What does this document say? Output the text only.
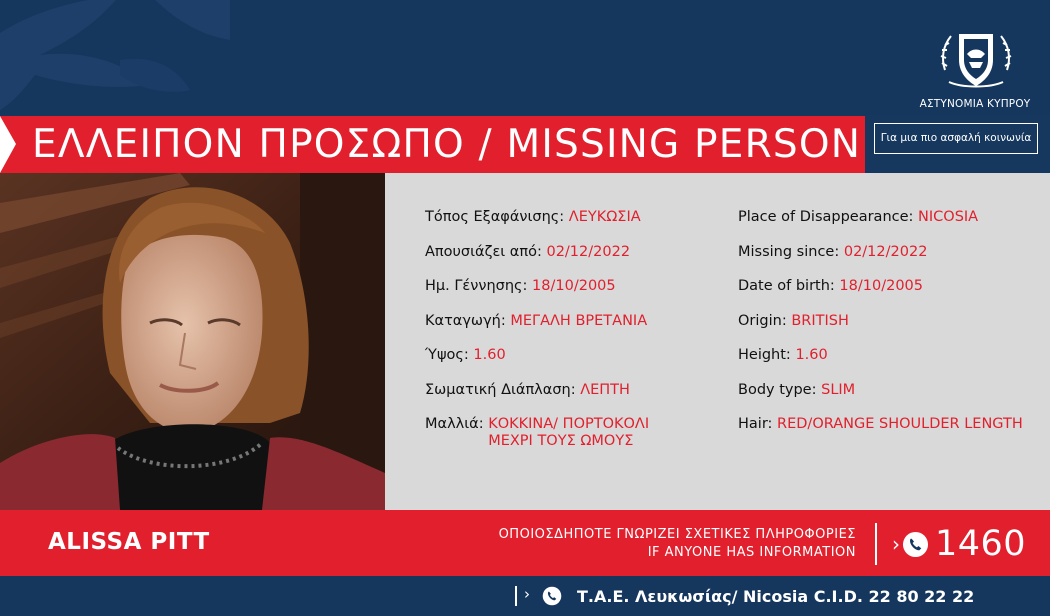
ΑΣΤΥΝΟΜΙΑ ΚΥΠΡΟΥ
ΕΛΛΕΙΠΟΝ ΠΡΟΣΩΠΟ / MISSING PERSON	Για μια πιο ασφαλή κοινωνία
Τόπος Εξαφάνισης: ΛΕΥΚΩΣΙΑ
Απουσιάζει από: 02/12/2022
Ημ. Γέννησης: 18/10/2005
Καταγωγή: ΜΕΓΑΛΗ ΒΡΕΤΑΝΙΑ
Ύψος: 1.60
Σωματική Διάπλαση: ΛΕΠΤΗ
Μαλλιά: ΚΟΚΚΙΝΑ/ ΠΟΡΤΟΚΟΛΙ
ΜΕΧΡΙ ΤΟΥΣ ΩΜΟΥΣ
Place of Disappearance: NICOSIA
Missing since: 02/12/2022
Date of birth: 18/10/2005
Origin: BRITISH
Height: 1.60
Body type: SLIM
Hair: RED/ORANGE SHOULDER LENGTH
ALISSA PITT	ΟΠΟΙΟΣΔΗΠΟΤΕ ΓΝΩΡΙΖΕΙ ΣΧΕΤΙΚΕΣ ΠΛΗΡΟΦΟΡΙΕΣ
IF ANYONE HAS INFORMATION › 1460
›	Τ.Α.Ε. Λευκωσίας/ Nicosia C.I.D. 22 80 22 22
